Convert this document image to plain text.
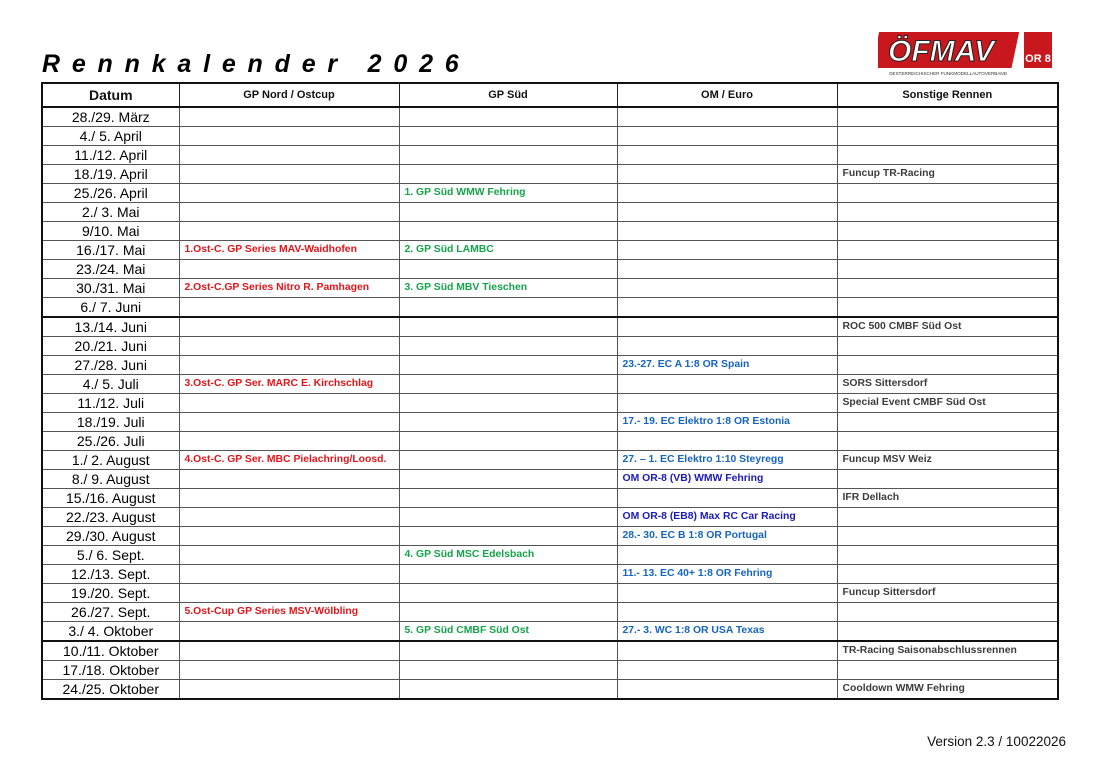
Rennkalender 2026	ÖFMAV	OR 8
OESTERREICHISCHER FUNKMODELLAUTOVERBAND
Datum	GP Nord / Ostcup	GP Süd	OM / Euro	Sonstige Rennen
28./29. März				
4./ 5. April				
11./12. April				
18./19. April				Funcup TR-Racing
25./26. April		1. GP Süd WMW Fehring		
2./ 3. Mai				
9/10. Mai				
16./17. Mai	1.Ost-C. GP Series MAV-Waidhofen	2. GP Süd LAMBC		
23./24. Mai				
30./31. Mai	2.Ost-C.GP Series Nitro R. Pamhagen	3. GP Süd MBV Tieschen		
6./ 7. Juni				
13./14. Juni				ROC 500 CMBF Süd Ost
20./21. Juni				
27./28. Juni			23.-27. EC A 1:8 OR Spain	
4./ 5. Juli	3.Ost-C. GP Ser. MARC E. Kirchschlag			SORS Sittersdorf
11./12. Juli				Special Event CMBF Süd Ost
18./19. Juli			17.- 19. EC Elektro 1:8 OR Estonia	
25./26. Juli				
1./ 2. August	4.Ost-C. GP Ser. MBC Pielachring/Loosd.		27. – 1. EC Elektro 1:10 Steyregg	Funcup MSV Weiz
8./ 9. August			OM OR-8 (VB) WMW Fehring	
15./16. August				IFR Dellach
22./23. August			OM OR-8 (EB8) Max RC Car Racing	
29./30. August			28.- 30. EC B 1:8 OR Portugal	
5./ 6. Sept.		4. GP Süd MSC Edelsbach		
12./13. Sept.			11.- 13. EC 40+ 1:8 OR Fehring	
19./20. Sept.				Funcup Sittersdorf
26./27. Sept.	5.Ost-Cup GP Series MSV-Wölbling			
3./ 4. Oktober		5. GP Süd CMBF Süd Ost	27.- 3. WC 1:8 OR USA Texas	
10./11. Oktober				TR-Racing Saisonabschlussrennen
17./18. Oktober				
24./25. Oktober				Cooldown WMW Fehring
Version 2.3 / 10022026
